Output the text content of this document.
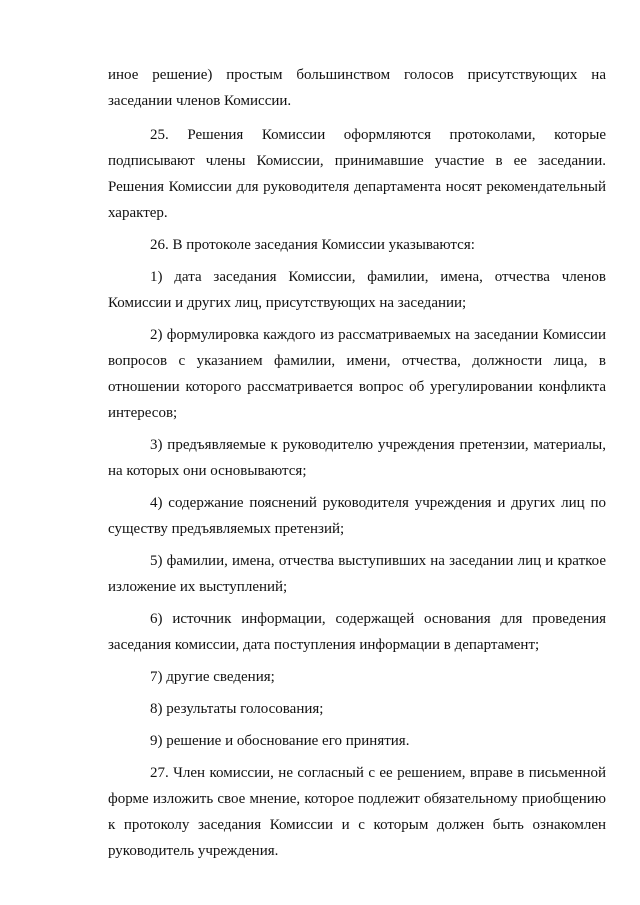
иное решение) простым большинством голосов присутствующих на заседании членов Комиссии.

25. Решения Комиссии оформляются протоколами, которые подписывают члены Комиссии, принимавшие участие в ее заседании. Решения Комиссии для руководителя департамента носят рекомендательный характер.

26. В протоколе заседания Комиссии указываются:

1) дата заседания Комиссии, фамилии, имена, отчества членов Комиссии и других лиц, присутствующих на заседании;

2) формулировка каждого из рассматриваемых на заседании Комиссии вопросов с указанием фамилии, имени, отчества, должности лица, в отношении которого рассматривается вопрос об урегулировании конфликта интересов;

3) предъявляемые к руководителю учреждения претензии, материалы, на которых они основываются;

4) содержание пояснений руководителя учреждения и других лиц по существу предъявляемых претензий;

5) фамилии, имена, отчества выступивших на заседании лиц и краткое изложение их выступлений;

6) источник информации, содержащей основания для проведения заседания комиссии, дата поступления информации в департамент;

7) другие сведения;

8) результаты голосования;

9) решение и обоснование его принятия.

27. Член комиссии, не согласный с ее решением, вправе в письменной форме изложить свое мнение, которое подлежит обязательному приобщению к протоколу заседания Комиссии и с которым должен быть ознакомлен руководитель учреждения.
